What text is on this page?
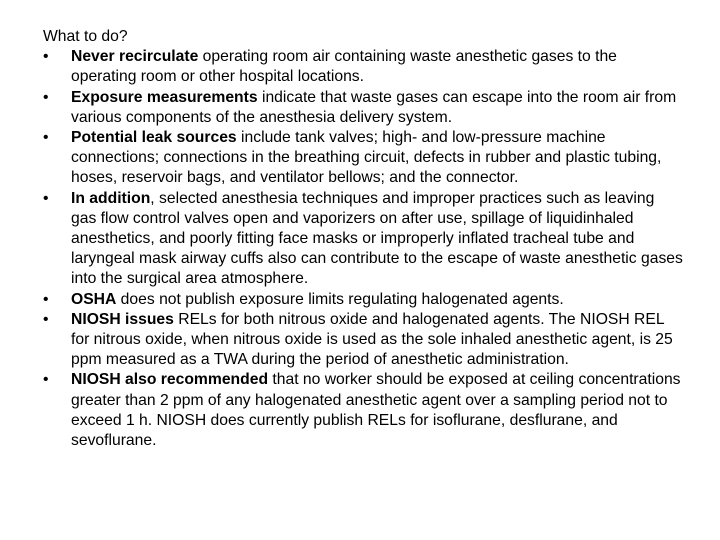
What to do?
• Never recirculate operating room air containing waste anesthetic gases to the operating room or other hospital locations.
• Exposure measurements indicate that waste gases can escape into the room air from various components of the anesthesia delivery system.
• Potential leak sources include tank valves; high- and low-pressure machine connections; connections in the breathing circuit, defects in rubber and plastic tubing, hoses, reservoir bags, and ventilator bellows; and the connector.
• In addition, selected anesthesia techniques and improper practices such as leaving gas flow control valves open and vaporizers on after use, spillage of liquidinhaled anesthetics, and poorly fitting face masks or improperly inflated tracheal tube and laryngeal mask airway cuffs also can contribute to the escape of waste anesthetic gases into the surgical area atmosphere.
• OSHA does not publish exposure limits regulating halogenated agents.
• NIOSH issues RELs for both nitrous oxide and halogenated agents. The NIOSH REL for nitrous oxide, when nitrous oxide is used as the sole inhaled anesthetic agent, is 25 ppm measured as a TWA during the period of anesthetic administration.
• NIOSH also recommended that no worker should be exposed at ceiling concentrations greater than 2 ppm of any halogenated anesthetic agent over a sampling period not to exceed 1 h. NIOSH does currently publish RELs for isoflurane, desflurane, and sevoflurane.
